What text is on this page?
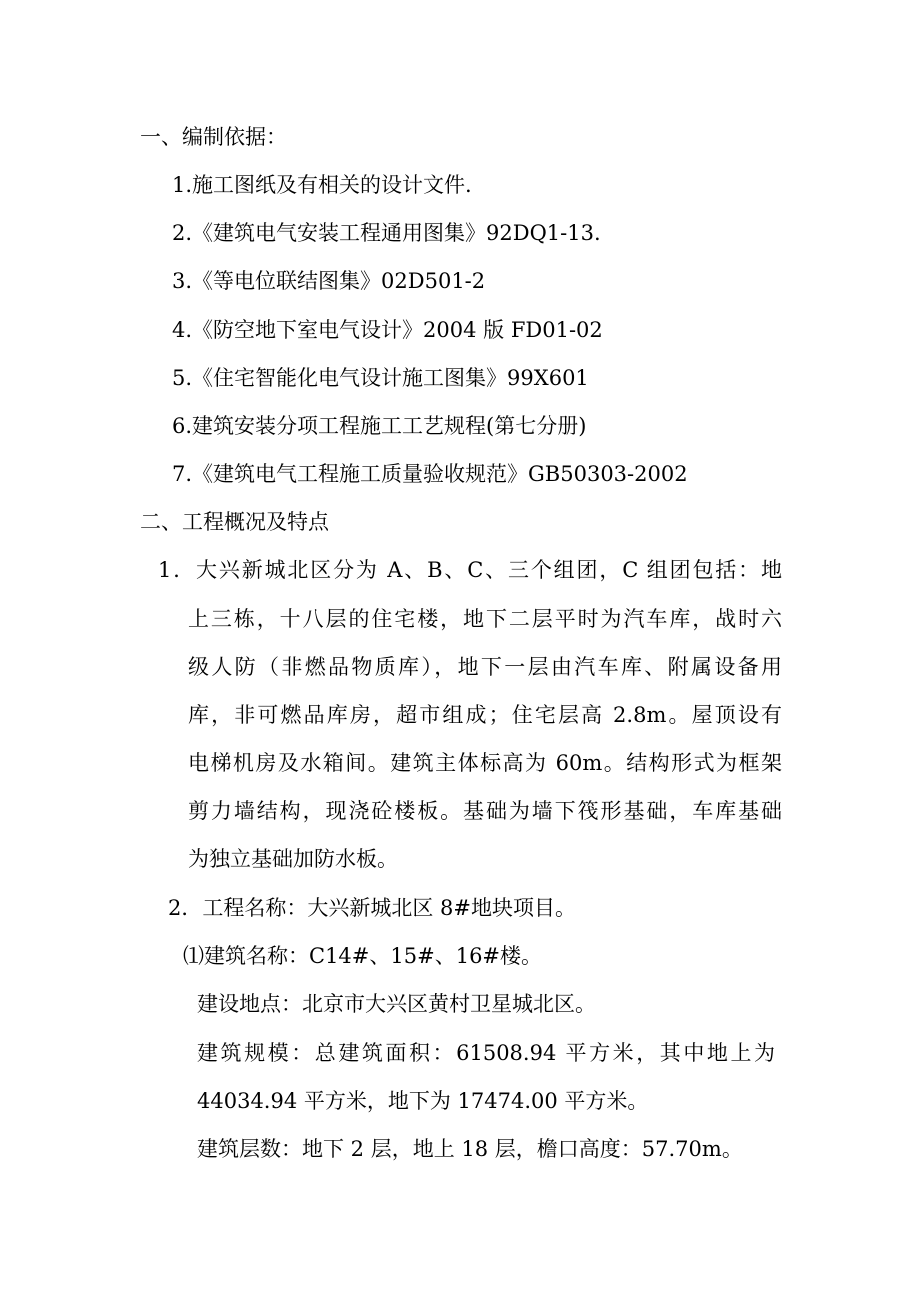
一、编制依据：
1.施工图纸及有相关的设计文件.
2.《建筑电气安装工程通用图集》92DQ1-13.
3.《等电位联结图集》02D501-2
4.《防空地下室电气设计》2004 版 FD01-02
5.《住宅智能化电气设计施工图集》99X601
6.建筑安装分项工程施工工艺规程(第七分册)
7.《建筑电气工程施工质量验收规范》GB50303-2002
二、工程概况及特点
1．大兴新城北区分为 A、B、C、三个组团，C 组团包括：地
上三栋，十八层的住宅楼，地下二层平时为汽车库，战时六
级人防（非燃品物质库），地下一层由汽车库、附属设备用
库，非可燃品库房，超市组成；住宅层高 2.8m。屋顶设有
电梯机房及水箱间。建筑主体标高为 60m。结构形式为框架
剪力墙结构，现浇砼楼板。基础为墙下筏形基础，车库基础
为独立基础加防水板。
2．工程名称：大兴新城北区 8#地块项目。
⑴建筑名称：C14#、15#、16#楼。
建设地点：北京市大兴区黄村卫星城北区。
建筑规模：总建筑面积：61508.94 平方米，其中地上为
44034.94 平方米，地下为 17474.00 平方米。
建筑层数：地下 2 层，地上 18 层，檐口高度：57.70m。
